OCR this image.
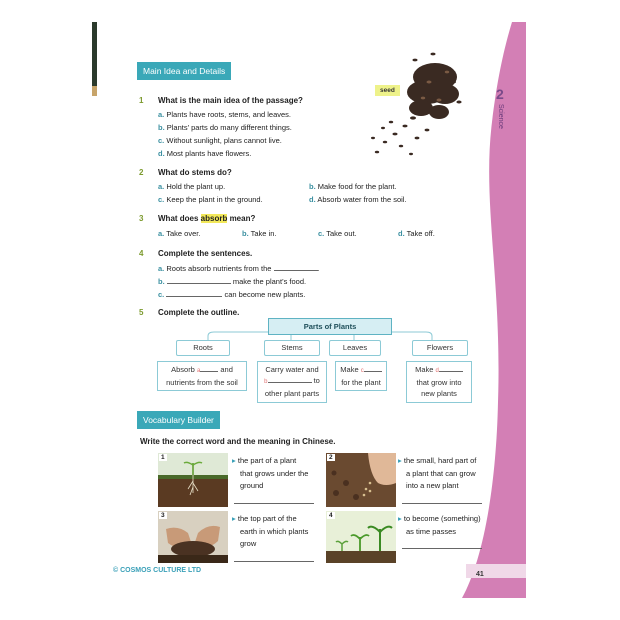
2
Science
Main Idea and Details
seed
1 What is the main idea of the passage?
a. Plants have roots, stems, and leaves.
b. Plants’ parts do many different things.
c. Without sunlight, plans cannot live.
d. Most plants have flowers.
2 What do stems do?
a. Hold the plant up.	b. Make food for the plant.
c. Keep the plant in the ground.	d. Absorb water from the soil.
3 What does absorb mean?
a. Take over.	b. Take in.	c. Take out.	d. Take off.
4 Complete the sentences.
a. Roots absorb nutrients from the	.
b.	make the plant’s food.
c.	can become new plants.
5 Complete the outline.
Parts of Plants
Roots	Stems	Leaves	Flowers
Absorb a and
nutrients from the soil
Carry water and
b	to
other plant parts
Make c
for the plant
Make d
that grow into
new plants
Vocabulary Builder
Write the correct word and the meaning in Chinese.
1	▸ the part of a plant
that grows under the
ground
2	▸ the small, hard part of
a plant that can grow
into a new plant
3	▸ the top part of the
earth in which plants
grow
4	▸ to become (something)
as time passes
© COSMOS CULTURE LTD
41
